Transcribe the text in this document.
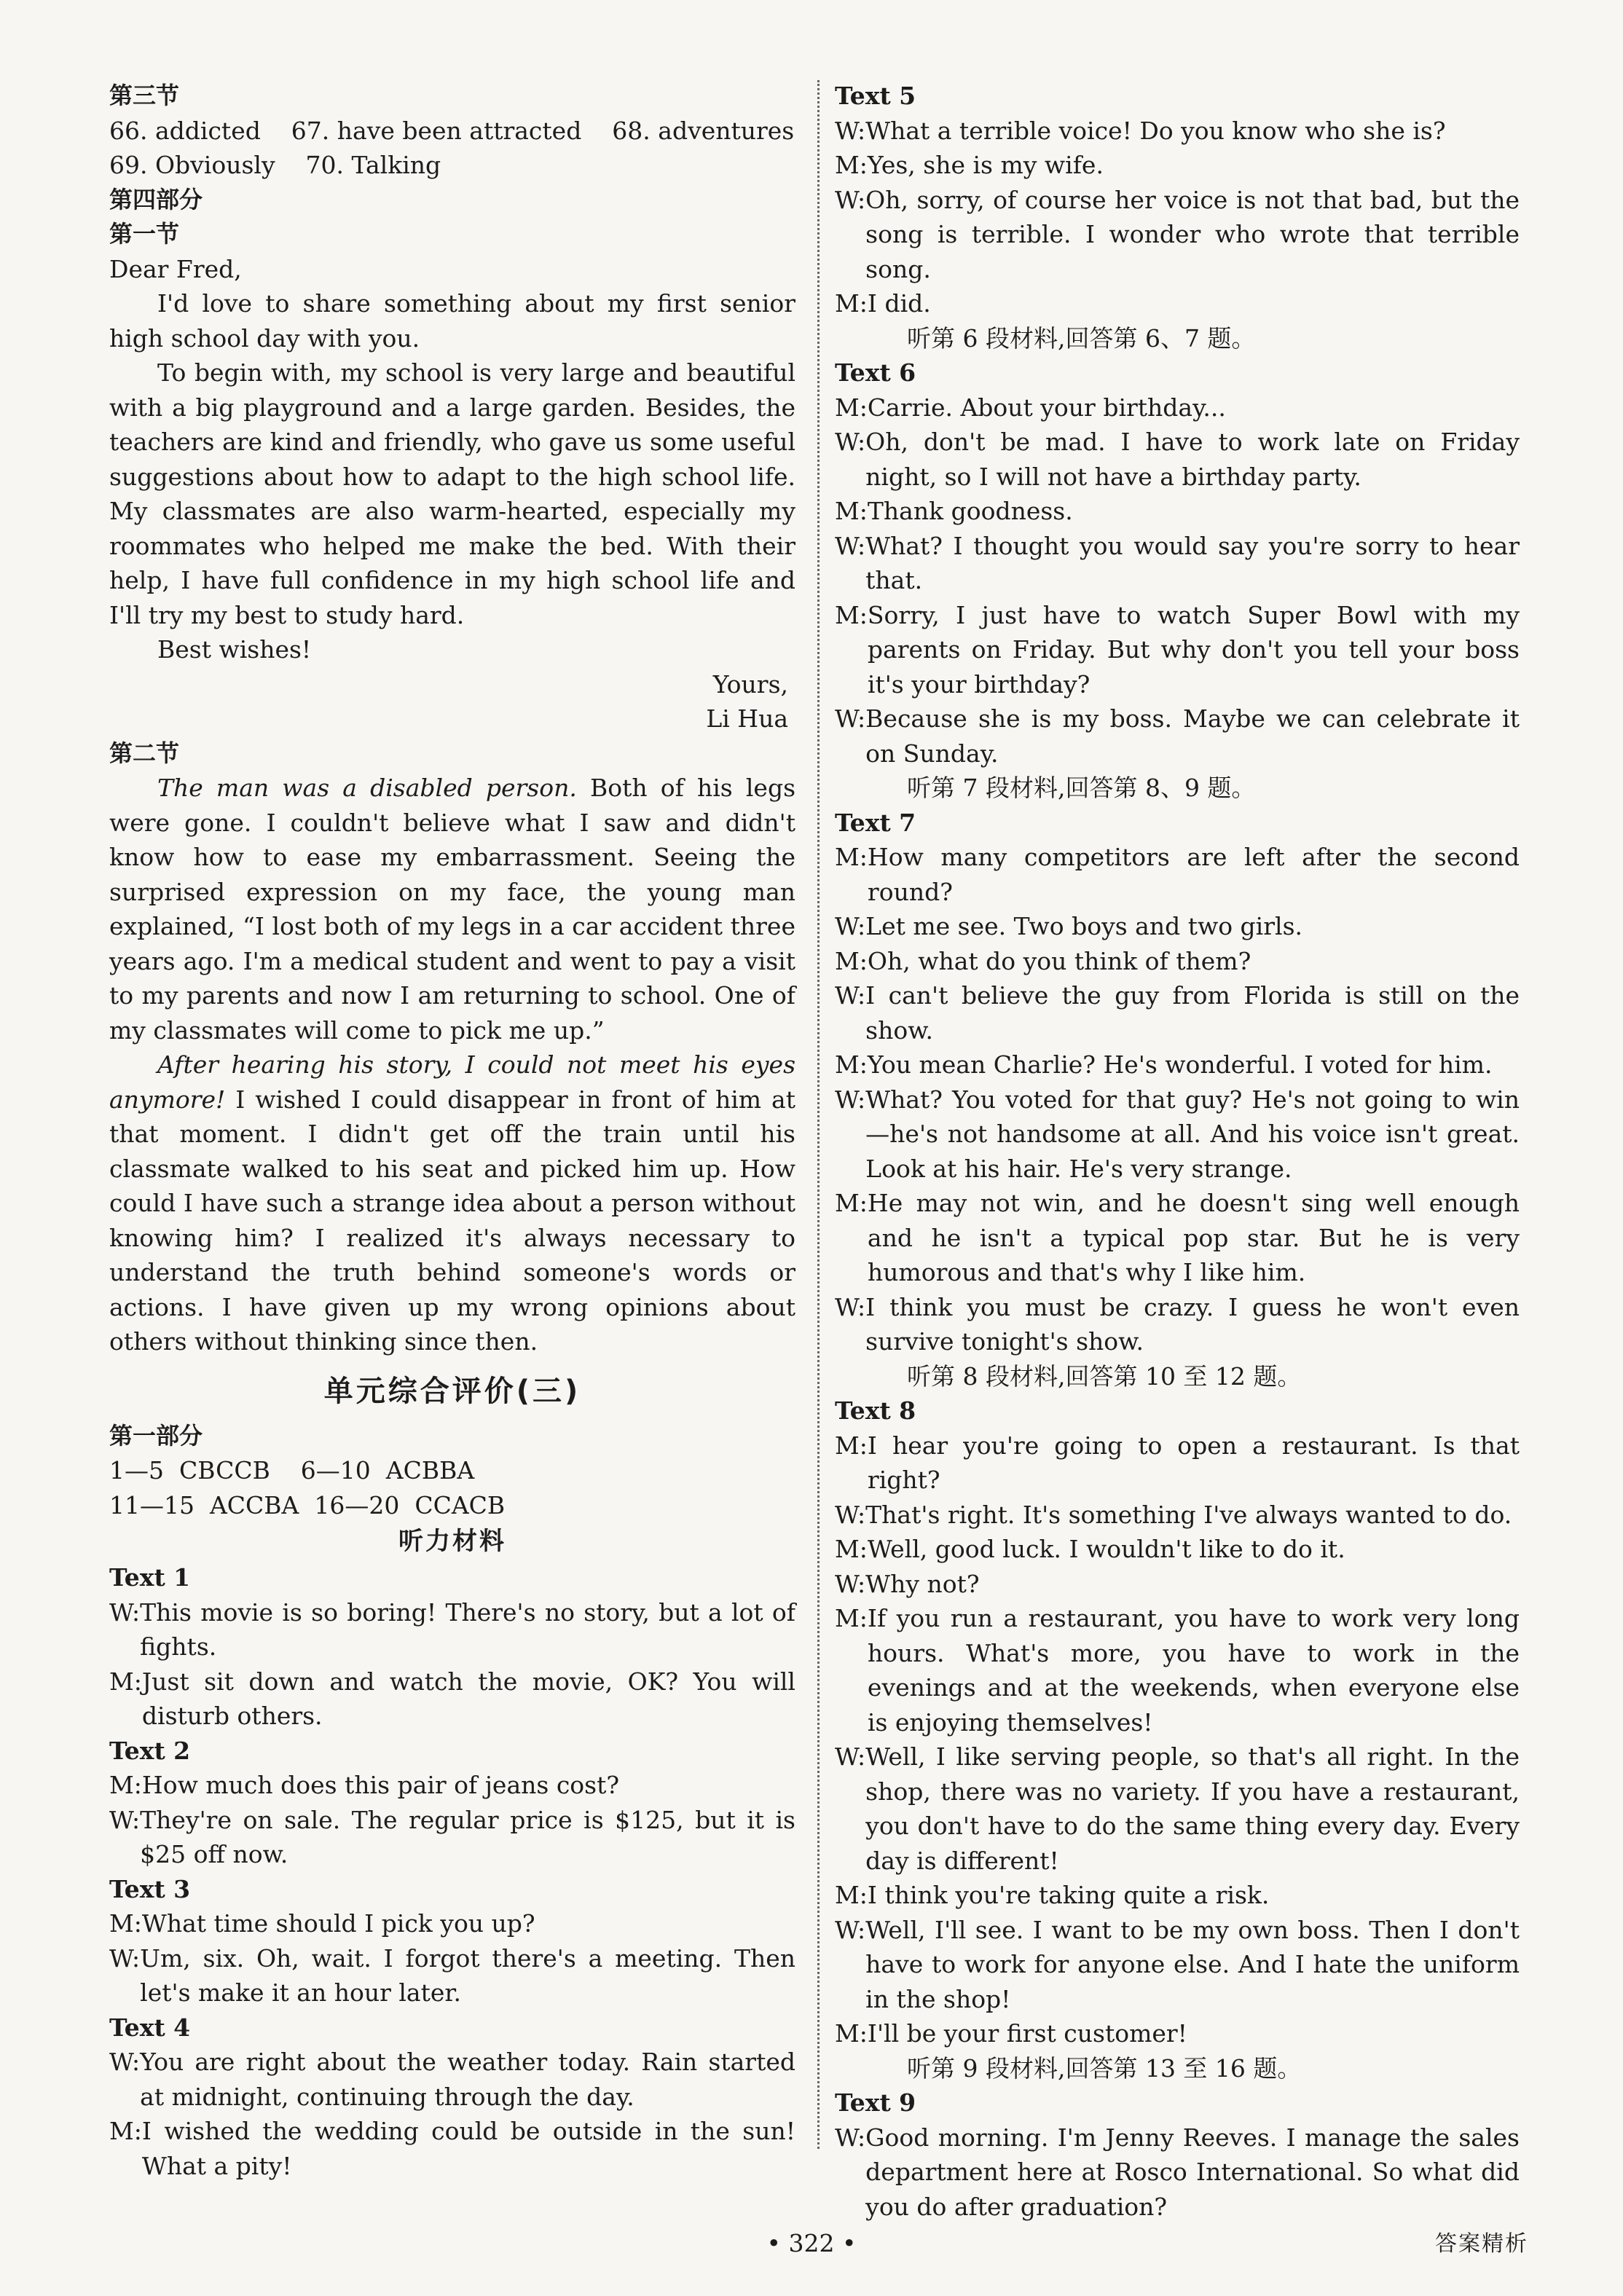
第三节
66. addicted    67. have been attracted    68. adventures
69. Obviously    70. Talking
第四部分
第一节
Dear Fred,
I'd love to share something about my first senior high school day with you.
To begin with, my school is very large and beautiful with a big playground and a large garden. Besides, the teachers are kind and friendly, who gave us some useful suggestions about how to adapt to the high school life. My classmates are also warm-hearted, especially my roommates who helped me make the bed. With their help, I have full confidence in my high school life and I'll try my best to study hard.
Best wishes!
Yours,
Li Hua
第二节
The man was a disabled person. Both of his legs were gone. I couldn't believe what I saw and didn't know how to ease my embarrassment. Seeing the surprised expression on my face, the young man explained, “I lost both of my legs in a car accident three years ago. I'm a medical student and went to pay a visit to my parents and now I am returning to school. One of my classmates will come to pick me up.”
After hearing his story, I could not meet his eyes anymore! I wished I could disappear in front of him at that moment. I didn't get off the train until his classmate walked to his seat and picked him up. How could I have such a strange idea about a person without knowing him? I realized it's always necessary to understand the truth behind someone's words or actions. I have given up my wrong opinions about others without thinking since then.
单元综合评价(三)
第一部分
1—5  CBCCB    6—10  ACBBA
11—15  ACCBA  16—20  CCACB
听力材料
Text 1
W: This movie is so boring! There's no story, but a lot of fights.
M: Just sit down and watch the movie, OK? You will disturb others.
Text 2
M: How much does this pair of jeans cost?
W: They're on sale. The regular price is $125, but it is $25 off now.
Text 3
M: What time should I pick you up?
W: Um, six. Oh, wait. I forgot there's a meeting. Then let's make it an hour later.
Text 4
W: You are right about the weather today. Rain started at midnight, continuing through the day.
M: I wished the wedding could be outside in the sun! What a pity!
Text 5
W: What a terrible voice! Do you know who she is?
M: Yes, she is my wife.
W: Oh, sorry, of course her voice is not that bad, but the song is terrible. I wonder who wrote that terrible song.
M: I did.
听第 6 段材料,回答第 6、7 题。
Text 6
M: Carrie. About your birthday...
W: Oh, don't be mad. I have to work late on Friday night, so I will not have a birthday party.
M: Thank goodness.
W: What? I thought you would say you're sorry to hear that.
M: Sorry, I just have to watch Super Bowl with my parents on Friday. But why don't you tell your boss it's your birthday?
W: Because she is my boss. Maybe we can celebrate it on Sunday.
听第 7 段材料,回答第 8、9 题。
Text 7
M: How many competitors are left after the second round?
W: Let me see. Two boys and two girls.
M: Oh, what do you think of them?
W: I can't believe the guy from Florida is still on the show.
M: You mean Charlie? He's wonderful. I voted for him.
W: What? You voted for that guy? He's not going to win—he's not handsome at all. And his voice isn't great. Look at his hair. He's very strange.
M: He may not win, and he doesn't sing well enough and he isn't a typical pop star. But he is very humorous and that's why I like him.
W: I think you must be crazy. I guess he won't even survive tonight's show.
听第 8 段材料,回答第 10 至 12 题。
Text 8
M: I hear you're going to open a restaurant. Is that right?
W: That's right. It's something I've always wanted to do.
M: Well, good luck. I wouldn't like to do it.
W: Why not?
M: If you run a restaurant, you have to work very long hours. What's more, you have to work in the evenings and at the weekends, when everyone else is enjoying themselves!
W: Well, I like serving people, so that's all right. In the shop, there was no variety. If you have a restaurant, you don't have to do the same thing every day. Every day is different!
M: I think you're taking quite a risk.
W: Well, I'll see. I want to be my own boss. Then I don't have to work for anyone else. And I hate the uniform in the shop!
M: I'll be your first customer!
听第 9 段材料,回答第 13 至 16 题。
Text 9
W: Good morning. I'm Jenny Reeves. I manage the sales department here at Rosco International. So what did you do after graduation?
• 322 •	答案精析
